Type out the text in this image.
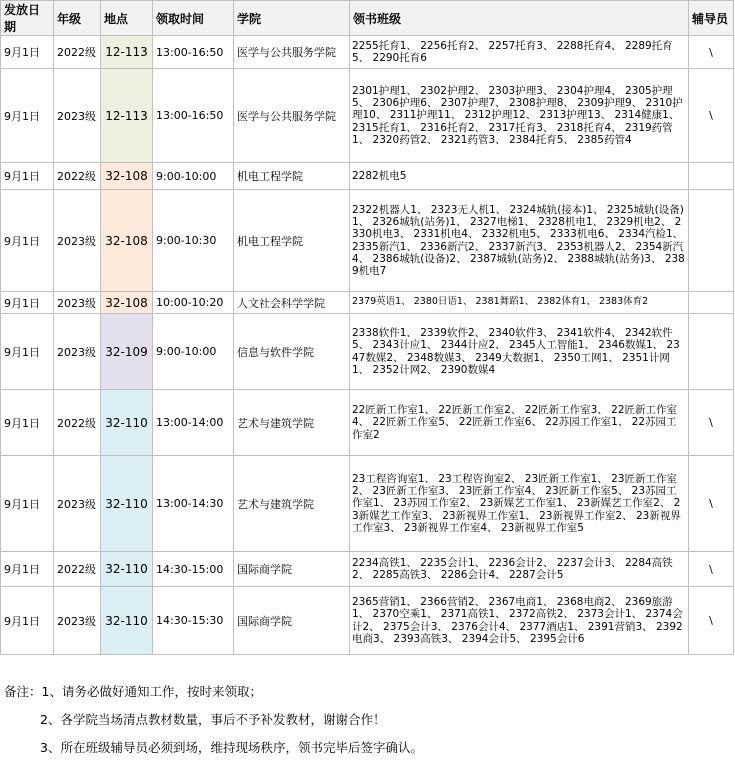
发放日期	年级	地点	领取时间	学院	领书班级	辅导员
9月1日	2022级	12-113	13:00-16:50	医学与公共服务学院	2255托育1、 2256托育2、 2257托育3、 2288托育4、 2289托育5、 2290托育6	\
9月1日	2023级	12-113	13:00-16:50	医学与公共服务学院	2301护理1、 2302护理2、 2303护理3、 2304护理4、 2305护理5、 2306护理6、 2307护理7、 2308护理8、 2309护理9、 2310护理10、 2311护理11、 2312护理12、 2313护理13、 2314健康1、 2315托育1、 2316托育2、 2317托育3、 2318托育4、 2319药管1、 2320药管2、 2321药管3、 2384托育5、 2385药管4	\
9月1日	2022级	32-108	9:00-10:00	机电工程学院	2282机电5	
9月1日	2023级	32-108	9:00-10:30	机电工程学院	2322机器人1、 2323无人机1、 2324城轨(接本)1、 2325城轨(设备)1、 2326城轨(站务)1、 2327电梯1、 2328机电1、 2329机电2、 2330机电3、 2331机电4、 2332机电5、 2333机电6、 2334汽检1、 2335新汽1、 2336新汽2、 2337新汽3、 2353机器人2、 2354新汽4、 2386城轨(设备)2、 2387城轨(站务)2、 2388城轨(站务)3、 2389机电7	
9月1日	2023级	32-108	10:00-10:20	人文社会科学学院	2379英语1、 2380日语1、 2381舞蹈1、 2382体育1、 2383体育2	
9月1日	2023级	32-109	9:00-10:00	信息与软件学院	2338软件1、 2339软件2、 2340软件3、 2341软件4、 2342软件5、 2343计应1、 2344计应2、 2345人工智能1、 2346数媒1、 2347数媒2、 2348数媒3、 2349大数据1、 2350工网1、 2351计网1、 2352计网2、 2390数媒4	
9月1日	2022级	32-110	13:00-14:00	艺术与建筑学院	22匠新工作室1、 22匠新工作室2、 22匠新工作室3、 22匠新工作室4、 22匠新工作室5、 22匠新工作室6、 22苏园工作室1、 22苏园工作室2	\
9月1日	2023级	32-110	13:00-14:30	艺术与建筑学院	23工程咨询室1、 23工程咨询室2、 23匠新工作室1、 23匠新工作室2、 23匠新工作室3、 23匠新工作室4、 23匠新工作室5、 23苏园工作室1、 23苏园工作室2、 23新媒艺工作室1、 23新媒艺工作室2、 23新媒艺工作室3、 23新视界工作室1、 23新视界工作室2、 23新视界工作室3、 23新视界工作室4、 23新视界工作室5	\
9月1日	2022级	32-110	14:30-15:00	国际商学院	2234高铁1、 2235会计1、 2236会计2、 2237会计3、 2284高铁2、 2285高铁3、 2286会计4、 2287会计5	\
9月1日	2023级	32-110	14:30-15:30	国际商学院	2365营销1、 2366营销2、 2367电商1、 2368电商2、 2369旅游1、 2370空乘1、 2371高铁1、 2372高铁2、 2373会计1、 2374会计2、 2375会计3、 2376会计4、 2377酒店1、 2391营销3、 2392电商3、 2393高铁3、 2394会计5、 2395会计6	\
备注：1、请务必做好通知工作，按时来领取；
2、各学院当场清点教材数量，事后不予补发教材，谢谢合作！
3、所在班级辅导员必须到场，维持现场秩序，领书完毕后签字确认。
